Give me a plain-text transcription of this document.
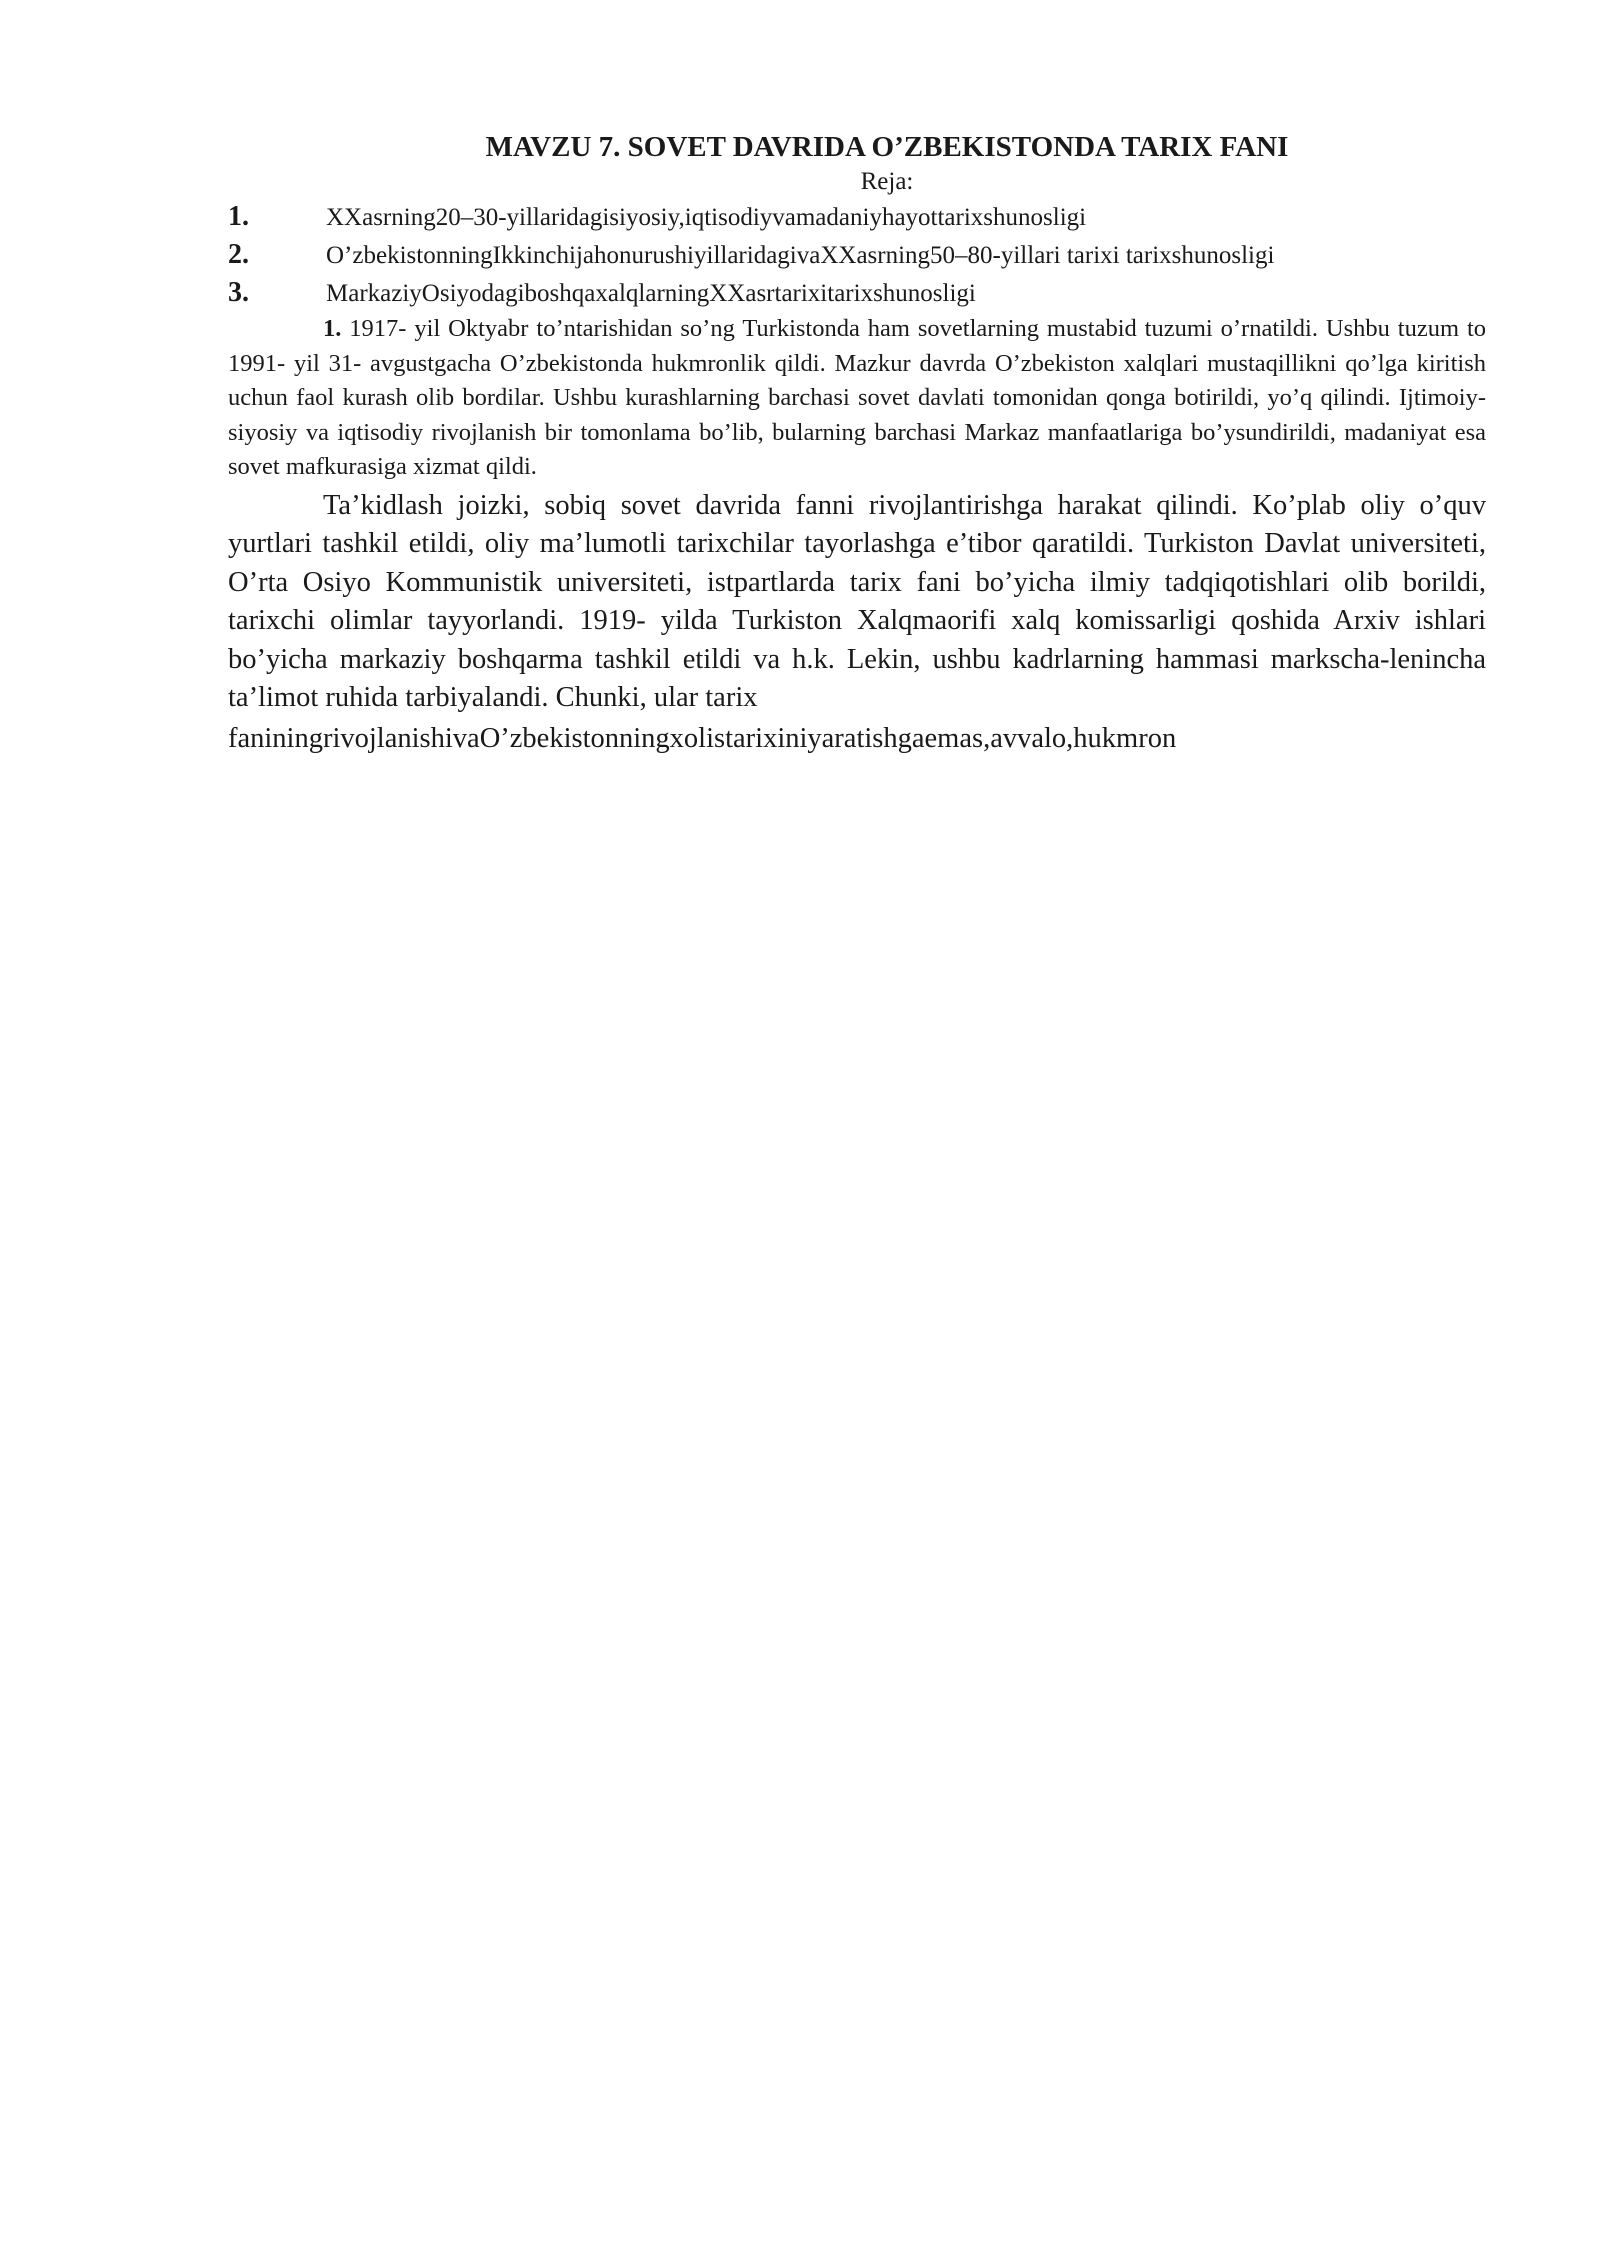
MAVZU 7. SOVET DAVRIDA O’ZBEKISTONDA TARIX FANI
Reja:
1.	XXasrning20–30-yillaridagisiyosiy,iqtisodiyvamadaniyhayottarixshunosligi
2.	O’zbekistonningIkkinchijahonurushiyillaridagivaXXasrning50–80-yillari tarixi tarixshunosligi
3.	MarkaziyOsiyodagiboshqaxalqlarningXXasrtarixitarixshunosligi

1. 1917- yil Oktyabr to’ntarishidan so’ng Turkistonda ham sovetlarning mustabid tuzumi o’rnatildi. Ushbu tuzum to 1991- yil 31- avgustgacha O’zbekistonda hukmronlik qildi. Mazkur davrda O’zbekiston xalqlari mustaqillikni qo’lga kiritish uchun faol kurash olib bordilar. Ushbu kurashlarning barchasi sovet davlati tomonidan qonga botirildi, yo’q qilindi. Ijtimoiy-siyosiy va iqtisodiy rivojlanish bir tomonlama bo’lib, bularning barchasi Markaz manfaatlariga bo’ysundirildi, madaniyat esa sovet mafkurasiga xizmat qildi.

Ta’kidlash joizki, sobiq sovet davrida fanni rivojlantirishga harakat qilindi. Ko’plab oliy o’quv yurtlari tashkil etildi, oliy ma’lumotli tarixchilar tayorlashga e’tibor qaratildi. Turkiston Davlat universiteti, O’rta Osiyo Kommunistik universiteti, istpartlarda tarix fani bo’yicha ilmiy tadqiqotishlari olib borildi, tarixchi olimlar tayyorlandi. 1919- yilda Turkiston Xalqmaorifi xalq komissarligi qoshida Arxiv ishlari bo’yicha markaziy boshqarma tashkil etildi va h.k. Lekin, ushbu kadrlarning hammasi markscha-lenincha ta’limot ruhida tarbiyalandi. Chunki, ular tarix

faniningrivojlanishivaO’zbekistonningxolistarixiniyaratishgaemas,avvalo,hukmron
